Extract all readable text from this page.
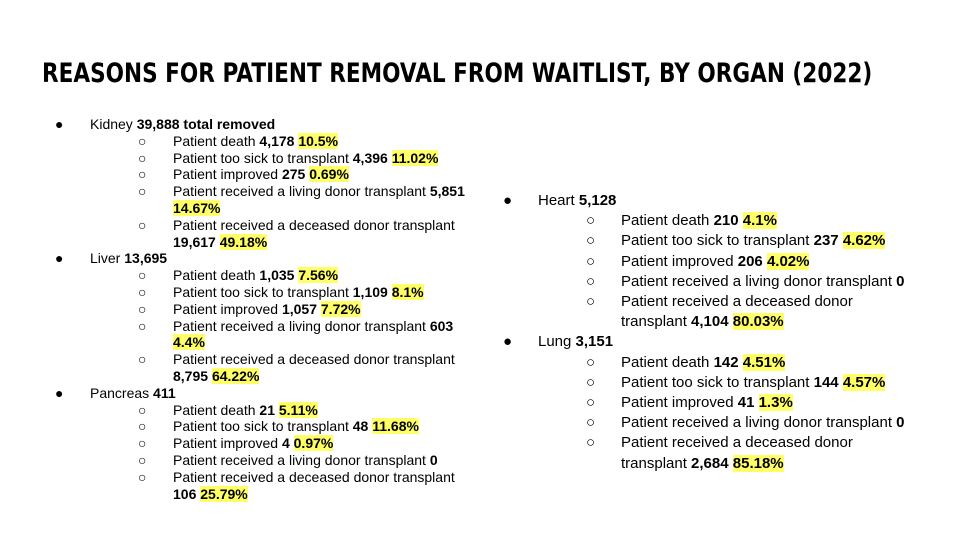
REASONS FOR PATIENT REMOVAL FROM WAITLIST, BY ORGAN (2022)
● Kidney 39,888 total removed
○ Patient death 4,178 10.5%
○ Patient too sick to transplant 4,396 11.02%
○ Patient improved 275 0.69%
○ Patient received a living donor transplant 5,851 14.67%
○ Patient received a deceased donor transplant 19,617 49.18%
● Liver 13,695
○ Patient death 1,035 7.56%
○ Patient too sick to transplant 1,109 8.1%
○ Patient improved 1,057 7.72%
○ Patient received a living donor transplant 603 4.4%
○ Patient received a deceased donor transplant 8,795 64.22%
● Pancreas 411
○ Patient death 21 5.11%
○ Patient too sick to transplant 48 11.68%
○ Patient improved 4 0.97%
○ Patient received a living donor transplant 0
○ Patient received a deceased donor transplant 106 25.79%
● Heart 5,128
○ Patient death 210 4.1%
○ Patient too sick to transplant 237 4.62%
○ Patient improved 206 4.02%
○ Patient received a living donor transplant 0
○ Patient received a deceased donor transplant 4,104 80.03%
● Lung 3,151
○ Patient death 142 4.51%
○ Patient too sick to transplant 144 4.57%
○ Patient improved 41 1.3%
○ Patient received a living donor transplant 0
○ Patient received a deceased donor transplant 2,684 85.18%
